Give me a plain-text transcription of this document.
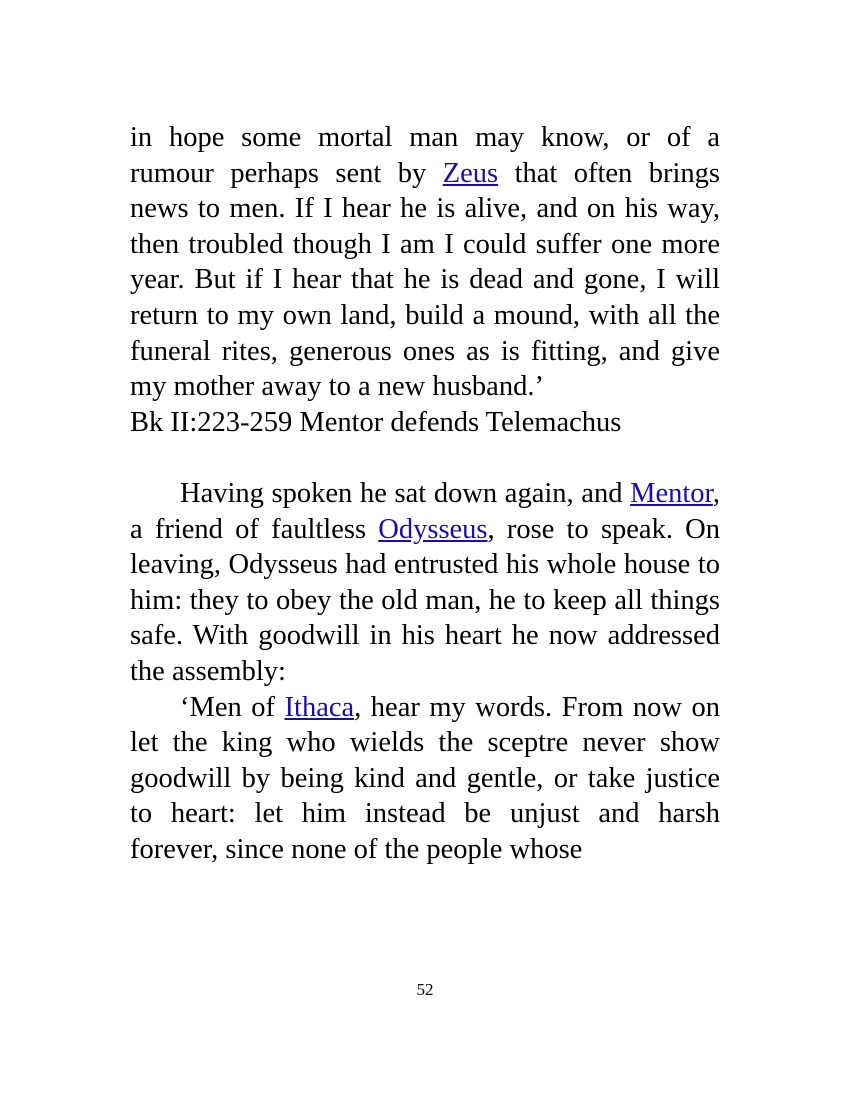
in hope some mortal man may know, or of a rumour perhaps sent by Zeus that often brings news to men. If I hear he is alive, and on his way, then troubled though I am I could suffer one more year. But if I hear that he is dead and gone, I will return to my own land, build a mound, with all the funeral rites, generous ones as is fitting, and give my mother away to a new husband.’

Bk II:223-259 Mentor defends Telemachus

Having spoken he sat down again, and Mentor, a friend of faultless Odysseus, rose to speak. On leaving, Odysseus had entrusted his whole house to him: they to obey the old man, he to keep all things safe. With goodwill in his heart he now addressed the assembly:

‘Men of Ithaca, hear my words. From now on let the king who wields the sceptre never show goodwill by being kind and gentle, or take justice to heart: let him instead be unjust and harsh forever, since none of the people whose

52
